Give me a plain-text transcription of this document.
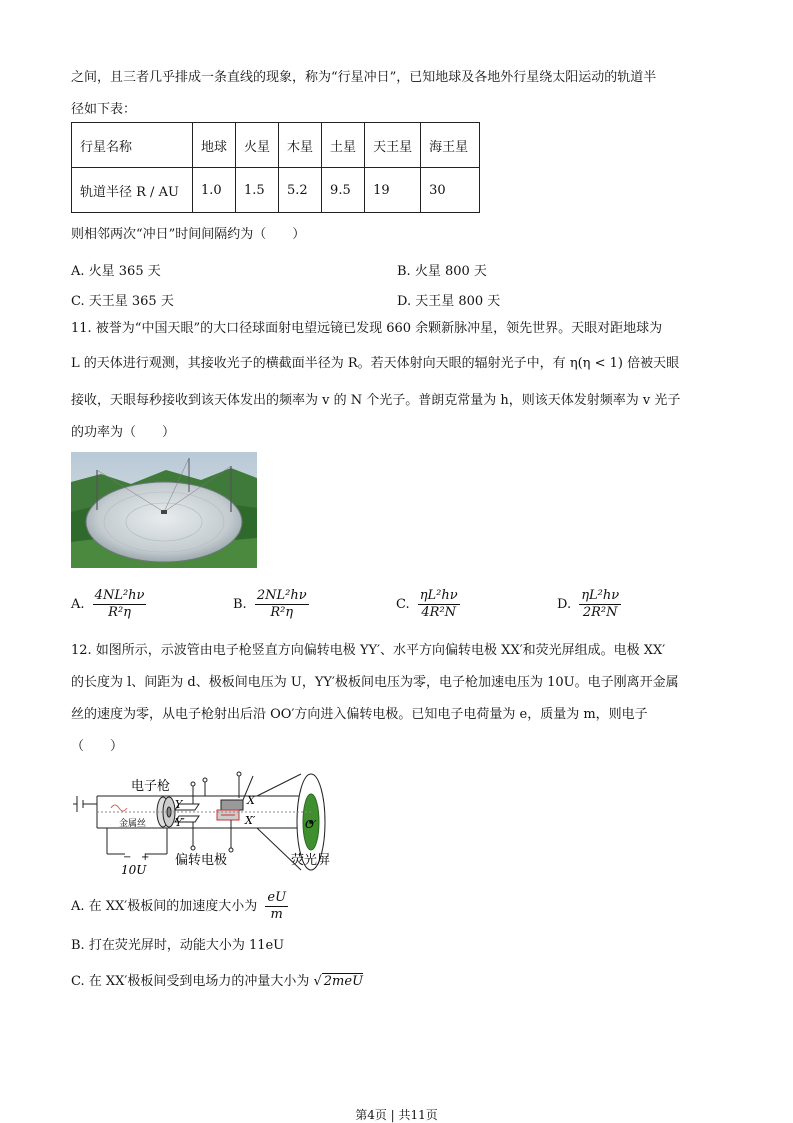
之间，且三者几乎排成一条直线的现象，称为“行星冲日”，已知地球及各地外行星绕太阳运动的轨道半
径如下表：
行星名称	地球	火星	木星	土星	天王星	海王星
轨道半径 R / AU	1.0	1.5	5.2	9.5	19	30
则相邻两次“冲日”时间间隔约为（　　）
A. 火星 365 天	B. 火星 800 天
C. 天王星 365 天	D. 天王星 800 天
11. 被誉为“中国天眼”的大口径球面射电望远镜已发现 660 余颗新脉冲星，领先世界。天眼对距地球为
L 的天体进行观测，其接收光子的横截面半径为 R。若天体射向天眼的辐射光子中，有 η(η < 1) 倍被天眼
接收，天眼每秒接收到该天体发出的频率为 v 的 N 个光子。普朗克常量为 h，则该天体发射频率为 v 光子
的功率为（　　）
A. $\frac{\text{4NL²hν}}{\text{R²η}}$	B. $\frac{\text{2NL²hν}}{\text{R²η}}$	C. $\frac{\text{ηL²hν}}{\text{4R²N}}$	D. $\frac{\text{ηL²hν}}{\text{2R²N}}$
12. 如图所示，示波管由电子枪竖直方向偏转电极 YY′、水平方向偏转电极 XX′和荧光屏组成。电极 XX′
的长度为 l、间距为 d、极板间电压为 U，YY′极板间电压为零，电子枪加速电压为 10U。电子刚离开金属
丝的速度为零，从电子枪射出后沿 OO′方向进入偏转电极。已知电子电荷量为 e，质量为 m，则电子
（　　）
电子枪
金属丝
Y
Y′
X
X′	O′
− +
10U
偏转电极	荧光屏
A. 在 XX′极板间的加速度大小为 $\frac{eU}{m}$
B. 打在荧光屏时，动能大小为 11eU
C. 在 XX′极板间受到电场力的冲量大小为 √ 2meU
第4页 | 共11页
